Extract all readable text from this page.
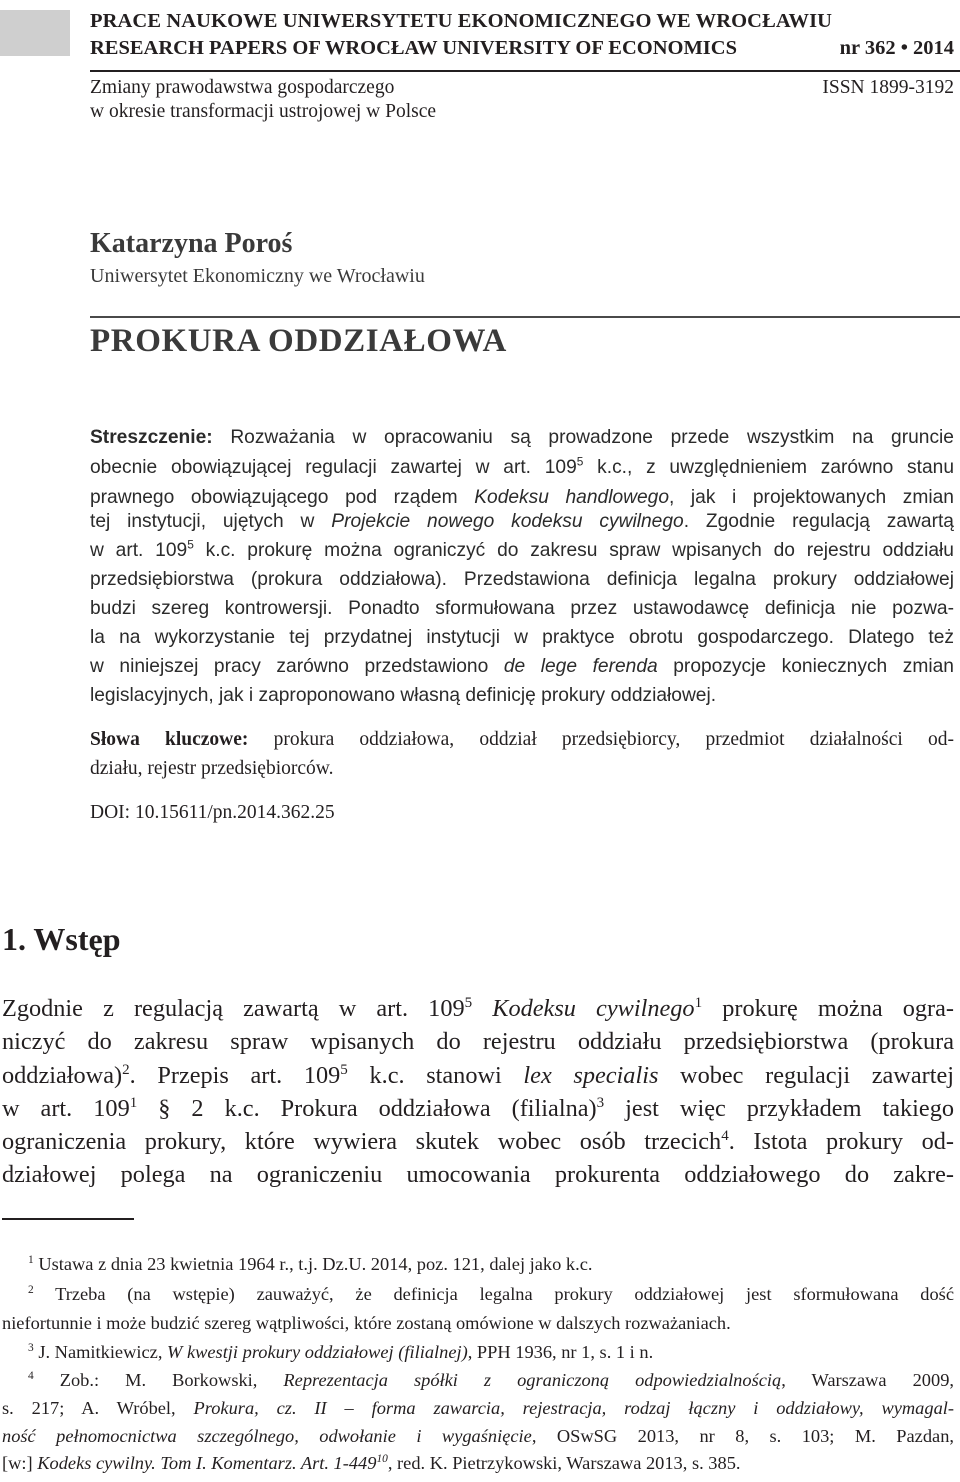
PRACE NAUKOWE UNIWERSYTETU EKONOMICZNEGO WE WROCŁAWIU
RESEARCH PAPERS OF WROCŁAW UNIVERSITY OF ECONOMICS	nr 362 • 2014
Zmiany prawodawstwa gospodarczego
w okresie transformacji ustrojowej w Polsce
ISSN 1899-3192
Katarzyna Poroś
Uniwersytet Ekonomiczny we Wrocławiu
PROKURA ODDZIAŁOWA
Streszczenie: Rozważania w opracowaniu są prowadzone przede wszystkim na gruncie
obecnie obowiązującej regulacji zawartej w art. $109^5$ k.c., z uwzględnieniem zarówno stanu
prawnego obowiązującego pod rządem Kodeksu handlowego, jak i projektowanych zmian
tej instytucji, ujętych w Projekcie nowego kodeksu cywilnego. Zgodnie regulacją zawartą
w art. $109^5$ k.c. prokurę można ograniczyć do zakresu spraw wpisanych do rejestru oddziału
przedsiębiorstwa (prokura oddziałowa). Przedstawiona definicja legalna prokury oddziałowej
budzi szereg kontrowersji. Ponadto sformułowana przez ustawodawcę definicja nie pozwa-
la na wykorzystanie tej przydatnej instytucji w praktyce obrotu gospodarczego. Dlatego też
w niniejszej pracy zarówno przedstawiono de lege ferenda propozycje koniecznych zmian
legislacyjnych, jak i zaproponowano własną definicję prokury oddziałowej.
Słowa kluczowe: prokura oddziałowa, oddział przedsiębiorcy, przedmiot działalności od-
działu, rejestr przedsiębiorców.
DOI: 10.15611/pn.2014.362.25
1. Wstęp
Zgodnie z regulacją zawartą w art. $109^5$ Kodeksu cywilnego$^1$ prokurę można ogra-
niczyć do zakresu spraw wpisanych do rejestru oddziału przedsiębiorstwa (prokura
oddziałowa)$^2$. Przepis art. $109^5$ k.c. stanowi lex specialis wobec regulacji zawartej
w art. $109^1$ § 2 k.c. Prokura oddziałowa (filialna)$^3$ jest więc przykładem takiego
ograniczenia prokury, które wywiera skutek wobec osób trzecich$^4$. Istota prokury od-
działowej polega na ograniczeniu umocowania prokurenta oddziałowego do zakre-
$^1$ Ustawa z dnia 23 kwietnia 1964 r., t.j. Dz.U. 2014, poz. 121, dalej jako k.c.
$^2$ Trzeba (na wstępie) zauważyć, że definicja legalna prokury oddziałowej jest sformułowana dość
niefortunnie i może budzić szereg wątpliwości, które zostaną omówione w dalszych rozważaniach.
$^3$ J. Namitkiewicz, W kwestji prokury oddziałowej (filialnej), PPH 1936, nr 1, s. 1 i n.
$^4$ Zob.: M. Borkowski, Reprezentacja spółki z ograniczoną odpowiedzialnością, Warszawa 2009,
s. 217; A. Wróbel, Prokura, cz. II – forma zawarcia, rejestracja, rodzaj łączny i oddziałowy, wymagal-
ność pełnomocnictwa szczególnego, odwołanie i wygaśnięcie, OSwSG 2013, nr 8, s. 103; M. Pazdan,
[w:] Kodeks cywilny. Tom I. Komentarz. Art. $1-449^{10}$, red. K. Pietrzykowski, Warszawa 2013, s. 385.
